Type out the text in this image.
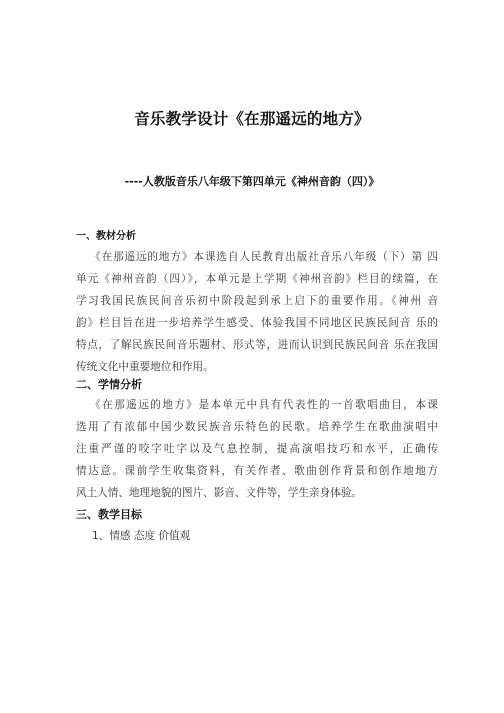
音乐教学设计《在那遥远的地方》
----人教版音乐八年级下第四单元《神州音韵（四）》
一、教材分析
《在那遥远的地方》本课选自人民教育出版社音乐八年级（下）第 四
单元《神州音韵（四）》，本单元是上学期《神州音韵》栏目的续篇，在
学习我国民族民间音乐初中阶段起到承上启下的重要作用。《神州 音
韵》栏目旨在进一步培养学生感受、体验我国不同地区民族民间音 乐的
特点，了解民族民间音乐题材、形式等，进而认识到民族民间音 乐在我国
传统文化中重要地位和作用。
二、学情分析
《在那遥远的地方》是本单元中具有代表性的一首歌唱曲目，本课
选用了有浓郁中国少数民族音乐特色的民歌。培养学生在歌曲演唱中
注重严谨的咬字吐字以及气息控制，提高演唱技巧和水平，正确传
情达意。课前学生收集资料，有关作者、歌曲创作背景和创作地地方
风土人情、地理地貌的图片、影音、文件等，学生亲身体验。
三、教学目标
1、情感 态度 价值观
